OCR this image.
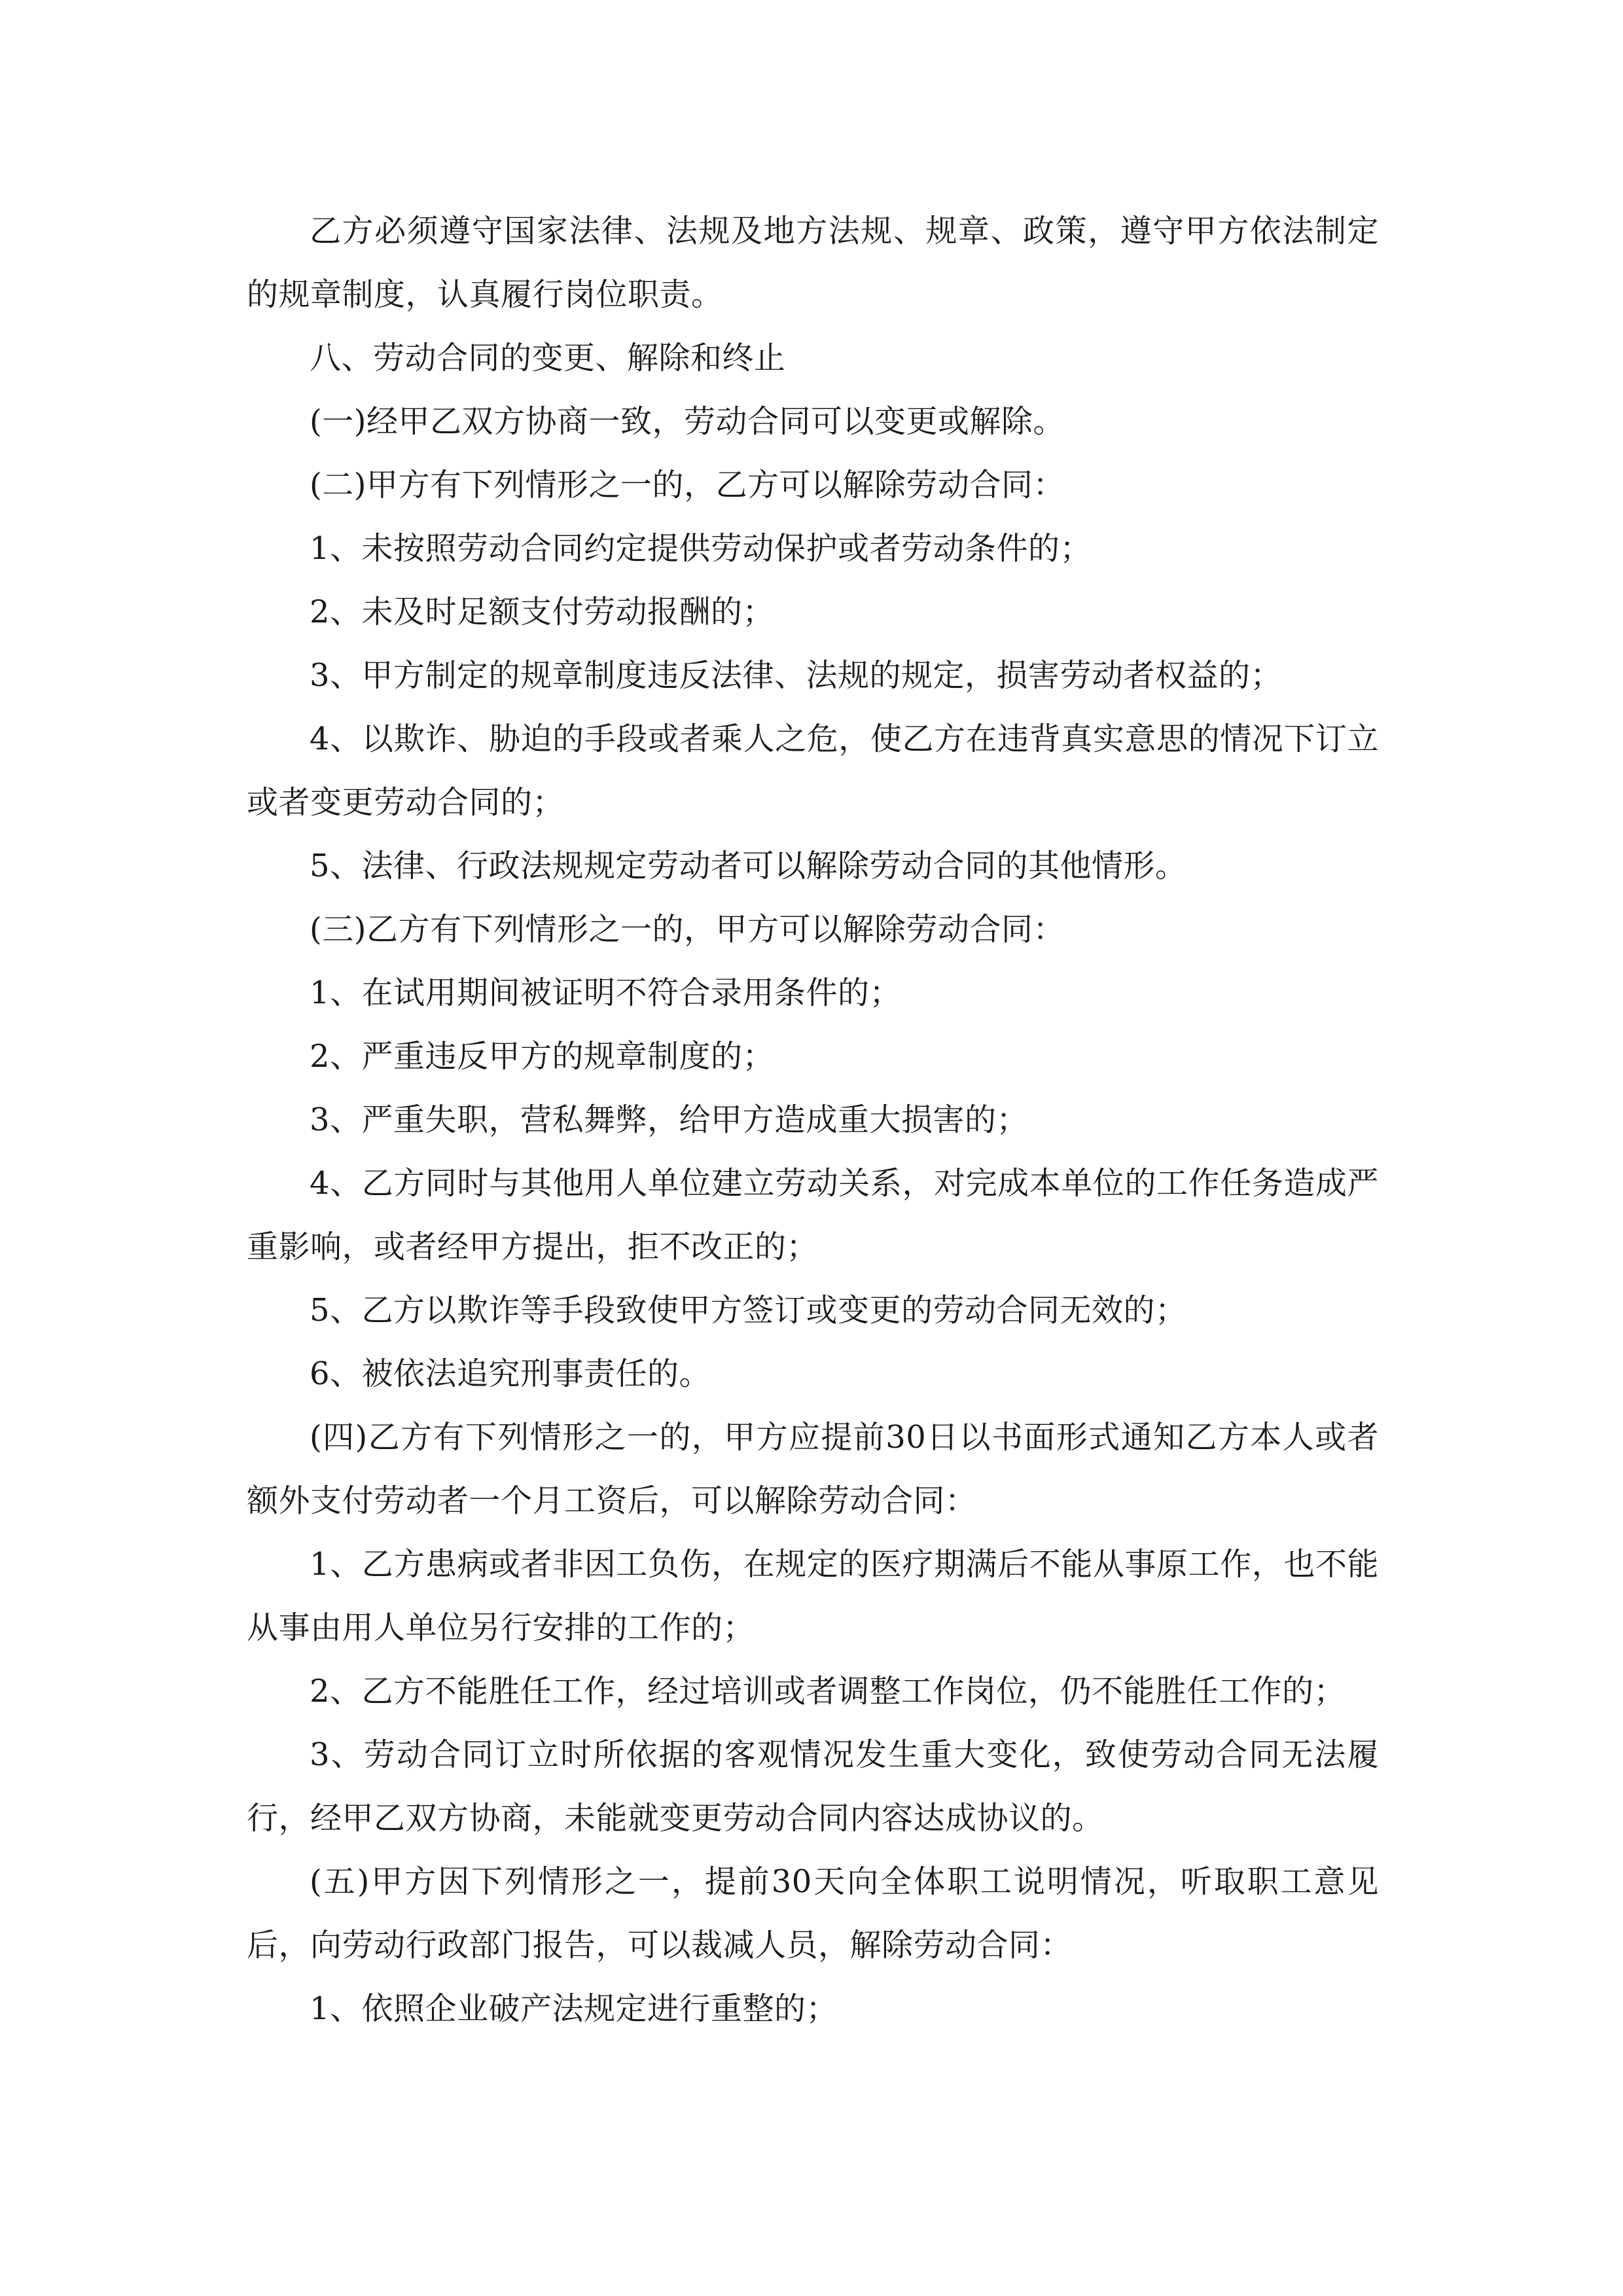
乙方必须遵守国家法律、法规及地方法规、规章、政策，遵守甲方依法制定的规章制度，认真履行岗位职责。

八、劳动合同的变更、解除和终止

(一)经甲乙双方协商一致，劳动合同可以变更或解除。

(二)甲方有下列情形之一的，乙方可以解除劳动合同：

1、未按照劳动合同约定提供劳动保护或者劳动条件的；

2、未及时足额支付劳动报酬的；

3、甲方制定的规章制度违反法律、法规的规定，损害劳动者权益的；

4、以欺诈、胁迫的手段或者乘人之危，使乙方在违背真实意思的情况下订立或者变更劳动合同的；

5、法律、行政法规规定劳动者可以解除劳动合同的其他情形。

(三)乙方有下列情形之一的，甲方可以解除劳动合同：

1、在试用期间被证明不符合录用条件的；

2、严重违反甲方的规章制度的；

3、严重失职，营私舞弊，给甲方造成重大损害的；

4、乙方同时与其他用人单位建立劳动关系，对完成本单位的工作任务造成严重影响，或者经甲方提出，拒不改正的；

5、乙方以欺诈等手段致使甲方签订或变更的劳动合同无效的；

6、被依法追究刑事责任的。

(四)乙方有下列情形之一的，甲方应提前30日以书面形式通知乙方本人或者额外支付劳动者一个月工资后，可以解除劳动合同：

1、乙方患病或者非因工负伤，在规定的医疗期满后不能从事原工作，也不能从事由用人单位另行安排的工作的；

2、乙方不能胜任工作，经过培训或者调整工作岗位，仍不能胜任工作的；

3、劳动合同订立时所依据的客观情况发生重大变化，致使劳动合同无法履行，经甲乙双方协商，未能就变更劳动合同内容达成协议的。

(五)甲方因下列情形之一，提前30天向全体职工说明情况，听取职工意见后，向劳动行政部门报告，可以裁减人员，解除劳动合同：

1、依照企业破产法规定进行重整的；
